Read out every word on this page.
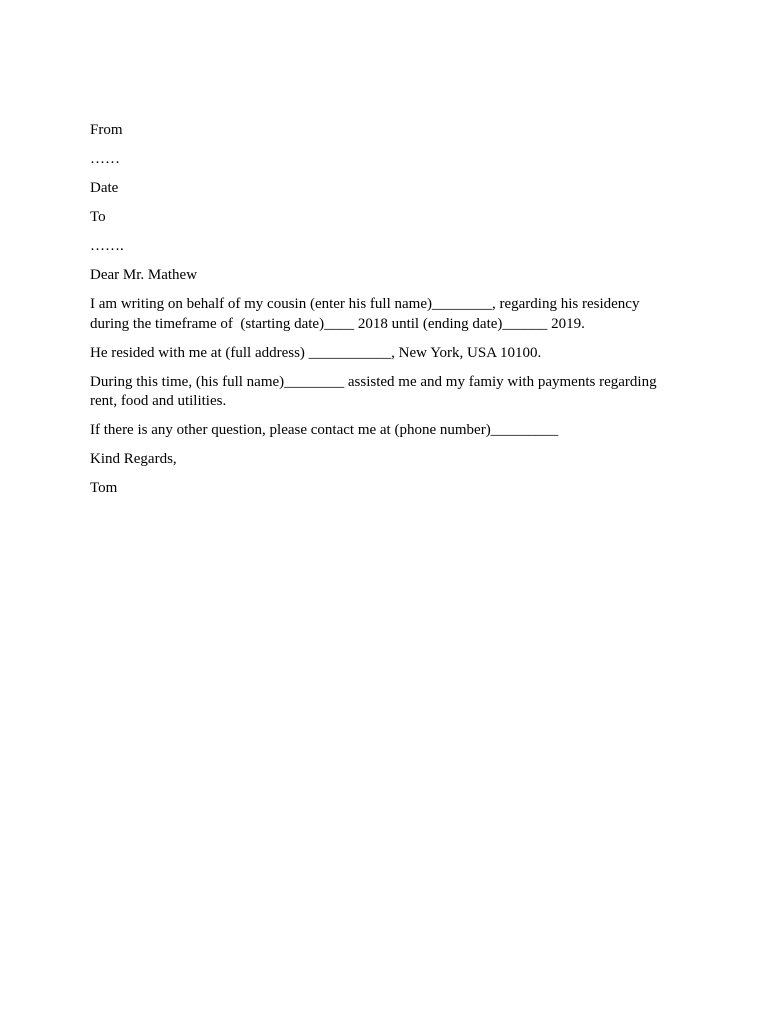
From

……

Date

To

…….

Dear Mr. Mathew

I am writing on behalf of my cousin (enter his full name)________, regarding his residency during the timeframe of  (starting date)____ 2018 until (ending date)______ 2019.

He resided with me at (full address) ___________, New York, USA 10100.

During this time, (his full name)________ assisted me and my famiy with payments regarding rent, food and utilities.

If there is any other question, please contact me at (phone number)_________

Kind Regards,

Tom
